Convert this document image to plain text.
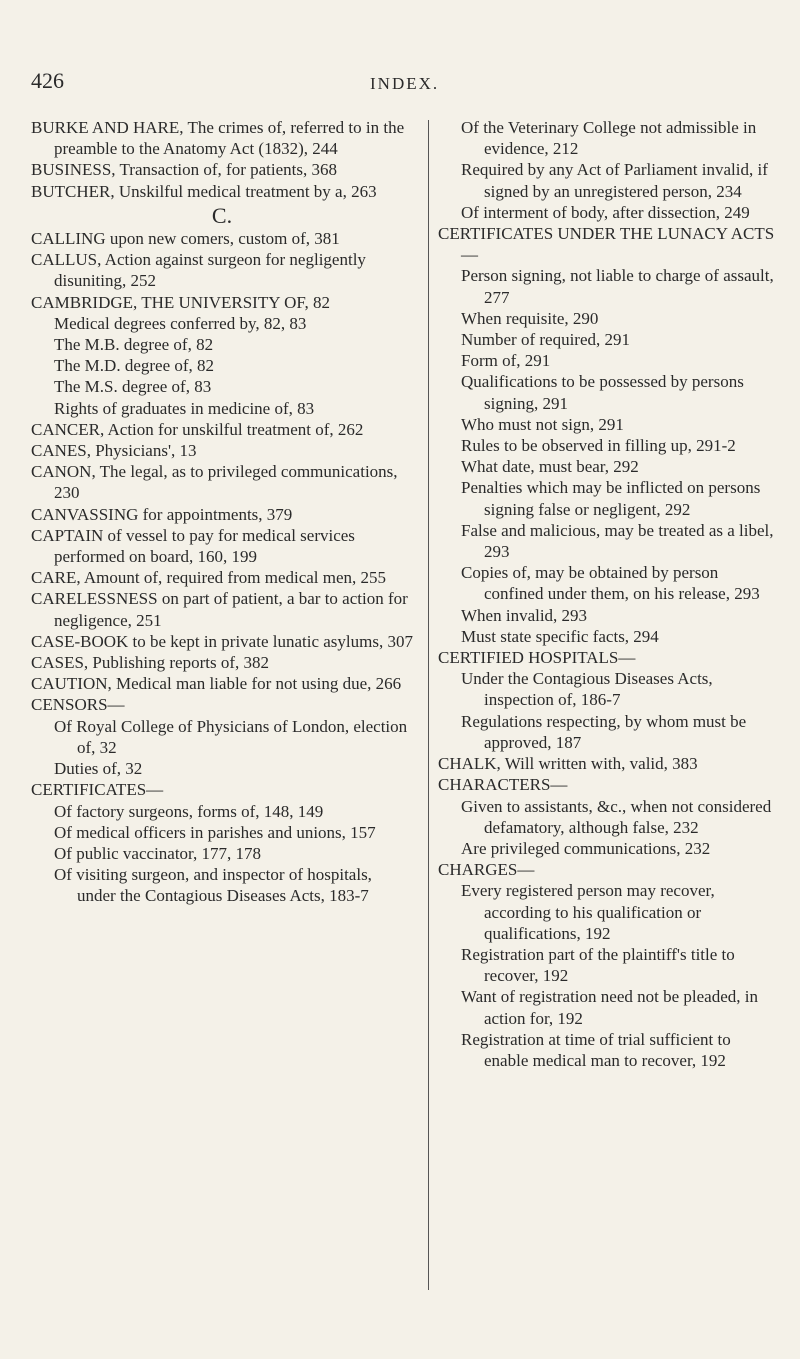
426	INDEX.

BURKE AND HARE, The crimes of, referred to in the preamble to the Anatomy Act (1832), 244

BUSINESS, Transaction of, for patients, 368

BUTCHER, Unskilful medical treatment by a, 263

C.

CALLING upon new comers, custom of, 381

CALLUS, Action against surgeon for negligently disuniting, 252

CAMBRIDGE, THE UNIVERSITY OF, 82

Medical degrees conferred by, 82, 83

The M.B. degree of, 82

The M.D. degree of, 82

The M.S. degree of, 83

Rights of graduates in medicine of, 83

CANCER, Action for unskilful treatment of, 262

CANES, Physicians', 13

CANON, The legal, as to privileged communications, 230

CANVASSING for appointments, 379

CAPTAIN of vessel to pay for medical services performed on board, 160, 199

CARE, Amount of, required from medical men, 255

CARELESSNESS on part of patient, a bar to action for negligence, 251

CASE-BOOK to be kept in private lunatic asylums, 307

CASES, Publishing reports of, 382

CAUTION, Medical man liable for not using due, 266

CENSORS—

Of Royal College of Physicians of London, election of, 32

Duties of, 32

CERTIFICATES—

Of factory surgeons, forms of, 148, 149

Of medical officers in parishes and unions, 157

Of public vaccinator, 177, 178

Of visiting surgeon, and inspector of hospitals, under the Contagious Diseases Acts, 183-7

Of the Veterinary College not admissible in evidence, 212

Required by any Act of Parliament invalid, if signed by an unregistered person, 234

Of interment of body, after dissection, 249

CERTIFICATES UNDER THE LUNACY ACTS—

Person signing, not liable to charge of assault, 277

When requisite, 290

Number of required, 291

Form of, 291

Qualifications to be possessed by persons signing, 291

Who must not sign, 291

Rules to be observed in filling up, 291-2

What date, must bear, 292

Penalties which may be inflicted on persons signing false or negligent, 292

False and malicious, may be treated as a libel, 293

Copies of, may be obtained by person confined under them, on his release, 293

When invalid, 293

Must state specific facts, 294

CERTIFIED HOSPITALS—

Under the Contagious Diseases Acts, inspection of, 186-7

Regulations respecting, by whom must be approved, 187

CHALK, Will written with, valid, 383

CHARACTERS—

Given to assistants, &c., when not considered defamatory, although false, 232

Are privileged communications, 232

CHARGES—

Every registered person may recover, according to his qualification or qualifications, 192

Registration part of the plaintiff's title to recover, 192

Want of registration need not be pleaded, in action for, 192

Registration at time of trial sufficient to enable medical man to recover, 192
